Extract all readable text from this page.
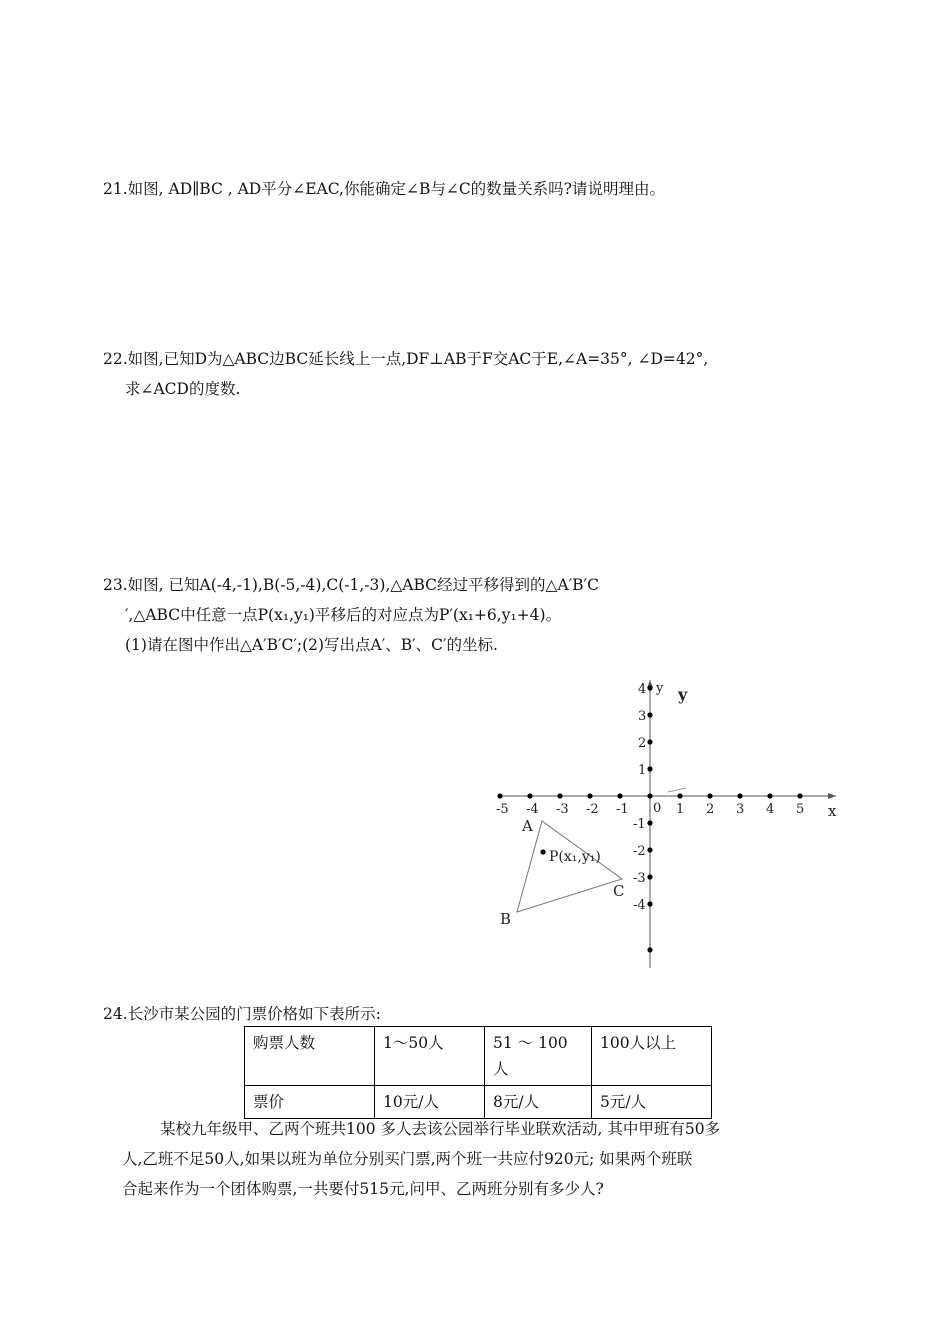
21.如图, AD∥BC , AD平分∠EAC,你能确定∠B与∠C的数量关系吗?请说明理由。

22.如图,已知D为△ABC边BC延长线上一点,DF⊥AB于F交AC于E,∠A=35°, ∠D=42°,

求∠ACD的度数.

23.如图, 已知A(-4,-1),B(-5,-4),C(-1,-3),△ABC经过平移得到的△A′B′C

′,△ABC中任意一点P(x₁,y₁)平移后的对应点为P′(x₁+6,y₁+4)。

(1)请在图中作出△A′B′C′;(2)写出点A′、B′、C′的坐标.

-5 -4 -3 -2 -1	1 2 3 4 5
0
4
3
2
1
-1
-2
-3
-4
x
y y
A
B
C
P(x₁,y₁)

24.长沙市某公园的门票价格如下表所示:

购票人数	1～50人	51 ～ 100人	100人以上
票价	10元/人	8元/人	5元/人

某校九年级甲、乙两个班共100 多人去该公园举行毕业联欢活动, 其中甲班有50多

人,乙班不足50人,如果以班为单位分别买门票,两个班一共应付920元; 如果两个班联

合起来作为一个团体购票,一共要付515元,问甲、乙两班分别有多少人?
